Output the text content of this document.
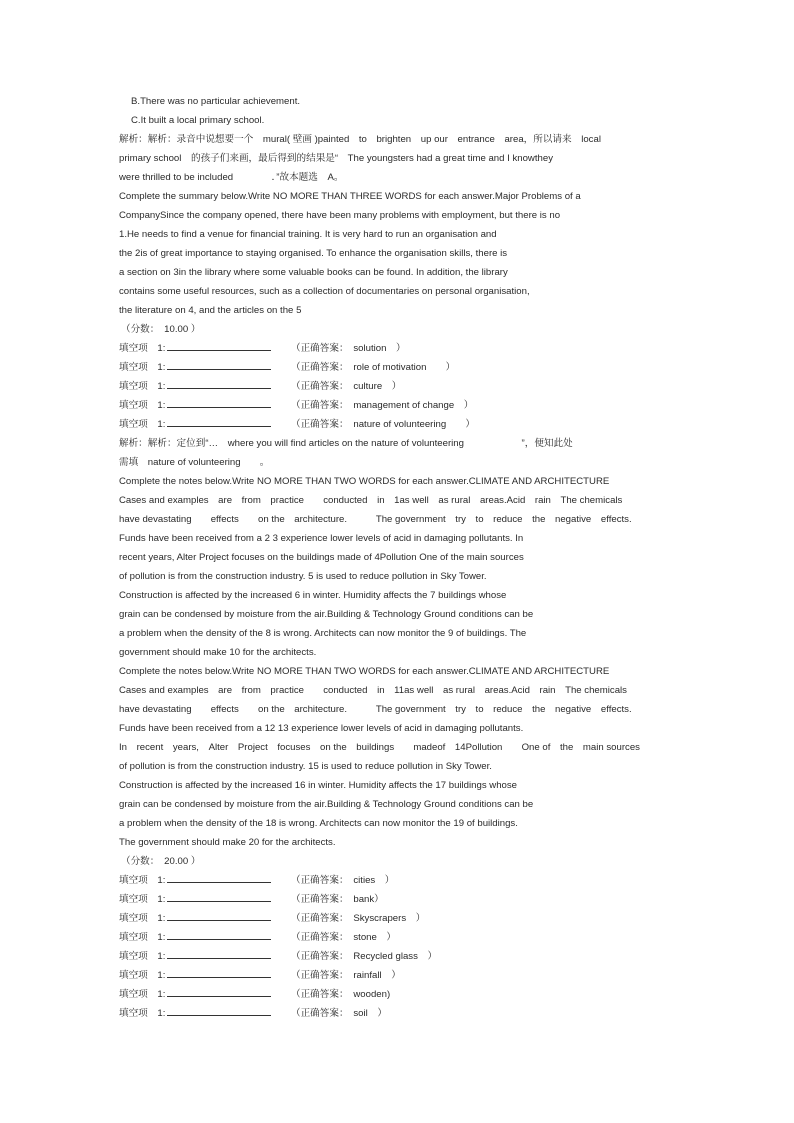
B.There was no particular achievement.
C.It built a local primary school.
解析：解析：录音中说想要一个　mural( 壁画 )painted　to　brighten　up our　entrance　area，所以请来　local
primary school　的孩子们来画，最后得到的结果是“　The youngsters had a great time and I knowthey
were thrilled to be included　　　　．”故本题选　A。
Complete the summary below.Write NO MORE THAN THREE WORDS for each answer.Major Problems of a
CompanySince the company opened, there have been many problems with employment, but there is no
1.He needs to find a venue for financial training. It is very hard to run an organisation and
the 2is of great importance to staying organised. To enhance the organisation skills, there is
a section on 3in the library where some valuable books can be found. In addition, the library
contains some useful resources, such as a collection of documentaries on personal organisation,
the literature on 4, and the articles on the 5
（分数：　10.00 ）
填空项　1:	（正确答案：　solution　）
填空项　1:	（正确答案：　role of motivation　　）
填空项　1:	（正确答案：　culture　）
填空项　1:	（正确答案：　management of change　）
填空项　1:	（正确答案：　nature of volunteering　　）
解析：解析：定位到“…　where you will find articles on the nature of volunteering　　　　　　”，便知此处
需填　nature of volunteering　　。
Complete the notes below.Write NO MORE THAN TWO WORDS for each answer.CLIMATE AND ARCHITECTURE
Cases and examples　are　from　practice　　conducted　in　1as well　as rural　areas.Acid　rain　The chemicals
have devastating　　effects　　on the　architecture.　　　The government　try　to　reduce　the　negative　effects.
Funds have been received from a 2 3 experience lower levels of acid in damaging pollutants. In
recent years, Alter Project focuses on the buildings made of 4Pollution One of the main sources
of pollution is from the construction industry. 5 is used to reduce pollution in Sky Tower.
Construction is affected by the increased 6 in winter. Humidity affects the 7 buildings whose
grain can be condensed by moisture from the air.Building & Technology Ground conditions can be
a problem when the density of the 8 is wrong. Architects can now monitor the 9 of buildings. The
government should make 10 for the architects.
Complete the notes below.Write NO MORE THAN TWO WORDS for each answer.CLIMATE AND ARCHITECTURE
Cases and examples　are　from　practice　　conducted　in　11as well　as rural　areas.Acid　rain　The chemicals
have devastating　　effects　　on the　architecture.　　　The government　try　to　reduce　the　negative　effects.
Funds have been received from a 12 13 experience lower levels of acid in damaging pollutants.
In　recent　years,　Alter　Project　focuses　on the　buildings　　madeof　14Pollution　　One of　the　main sources
of pollution is from the construction industry. 15 is used to reduce pollution in Sky Tower.
Construction is affected by the increased 16 in winter. Humidity affects the 17 buildings whose
grain can be condensed by moisture from the air.Building & Technology Ground conditions can be
a problem when the density of the 18 is wrong. Architects can now monitor the 19 of buildings.
The government should make 20 for the architects.
（分数：　20.00 ）
填空项　1:	（正确答案：　cities　）
填空项　1:	（正确答案：　bank）
填空项　1:	（正确答案：　Skyscrapers　）
填空项　1:	（正确答案：　stone　）
填空项　1:	（正确答案：　Recycled glass　）
填空项　1:	（正确答案：　rainfall　）
填空项　1:	（正确答案：　wooden)
填空项　1:	（正确答案：　soil　）
